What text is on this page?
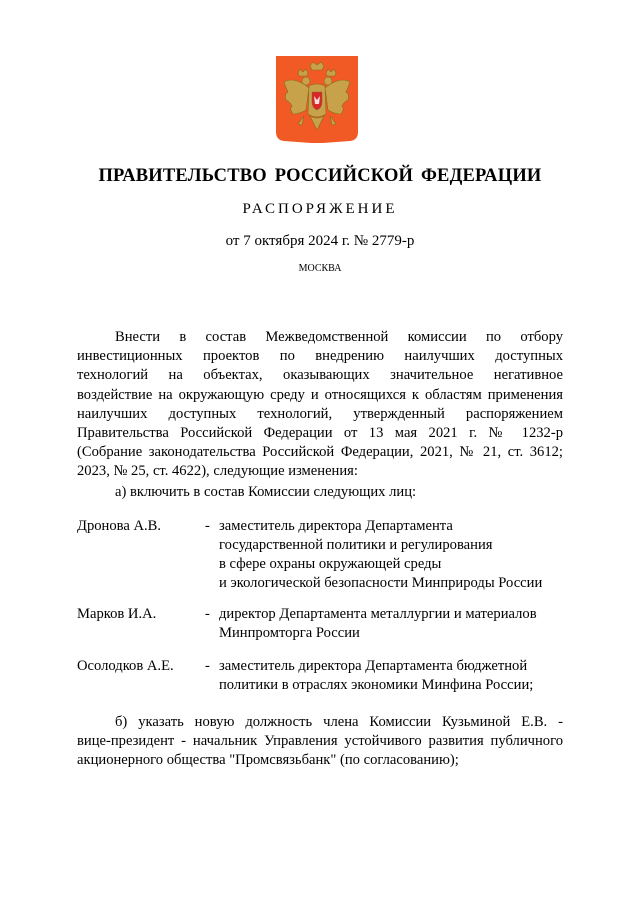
ПРАВИТЕЛЬСТВО РОССИЙСКОЙ ФЕДЕРАЦИИ
РАСПОРЯЖЕНИЕ
от 7 октября 2024 г. № 2779-р
МОСКВА
Внести в состав Межведомственной комиссии по отбору
инвестиционных проектов по внедрению наилучших доступных
технологий на объектах, оказывающих значительное негативное
воздействие на окружающую среду и относящихся к областям применения
наилучших доступных технологий, утвержденный распоряжением
Правительства Российской Федерации от 13 мая 2021 г. № 1232-р
(Собрание законодательства Российской Федерации, 2021, № 21, ст. 3612;
2023, № 25, ст. 4622), следующие изменения:
а) включить в состав Комиссии следующих лиц:
Дронова А.В.	- заместитель директора Департамента
государственной политики и регулирования
в сфере охраны окружающей среды
и экологической безопасности Минприроды России
Марков И.А.	- директор Департамента металлургии и материалов
Минпромторга России
Осолодков А.Е. - заместитель директора Департамента бюджетной
политики в отраслях экономики Минфина России;
б) указать новую должность члена Комиссии Кузьминой Е.В. -
вице-президент - начальник Управления устойчивого развития публичного
акционерного общества "Промсвязьбанк" (по согласованию);
